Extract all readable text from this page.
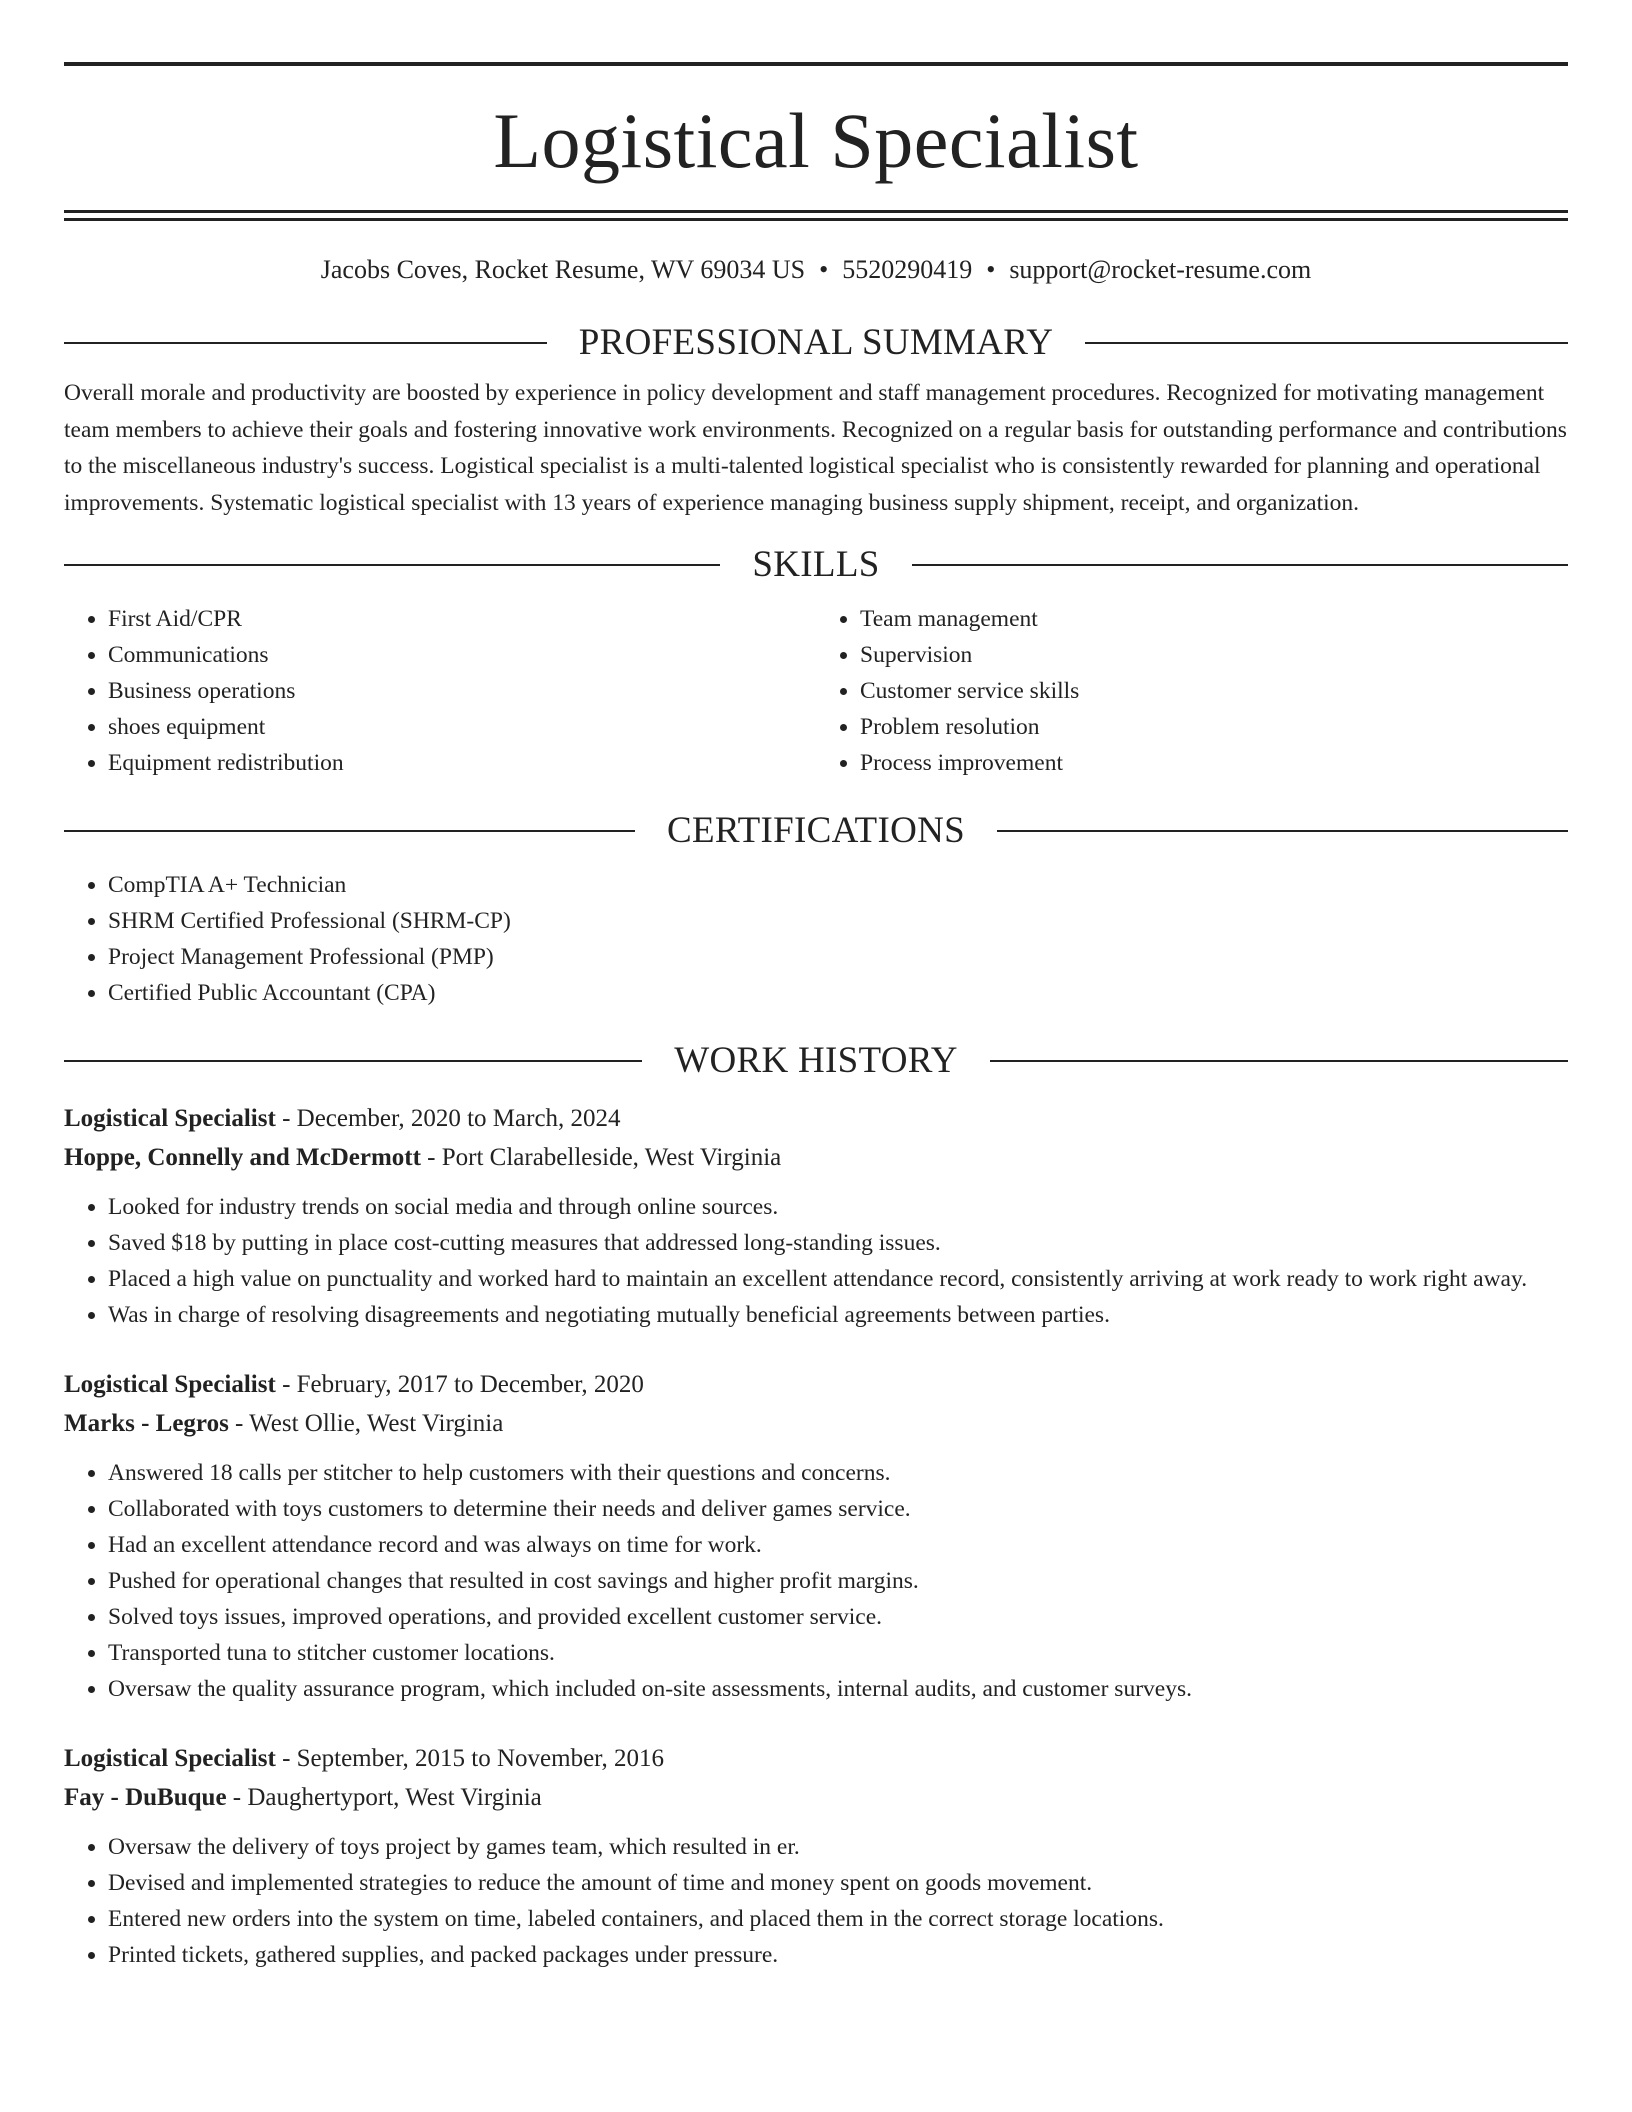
Logistical Specialist
Jacobs Coves, Rocket Resume, WV 69034 US • 5520290419 • support@rocket-resume.com
PROFESSIONAL SUMMARY

Overall morale and productivity are boosted by experience in policy development and staff management procedures. Recognized for motivating management team members to achieve their goals and fostering innovative work environments. Recognized on a regular basis for outstanding performance and contributions to the miscellaneous industry's success. Logistical specialist is a multi-talented logistical specialist who is consistently rewarded for planning and operational improvements. Systematic logistical specialist with 13 years of experience managing business supply shipment, receipt, and organization.

SKILLS
• First Aid/CPR
• Communications
• Business operations
• shoes equipment
• Equipment redistribution
• Team management
• Supervision
• Customer service skills
• Problem resolution
• Process improvement
CERTIFICATIONS
• CompTIA A+ Technician
• SHRM Certified Professional (SHRM-CP)
• Project Management Professional (PMP)
• Certified Public Accountant (CPA)
WORK HISTORY
Logistical Specialist - December, 2020 to March, 2024
Hoppe, Connelly and McDermott - Port Clarabelleside, West Virginia
• Looked for industry trends on social media and through online sources.
• Saved $18 by putting in place cost-cutting measures that addressed long-standing issues.
• Placed a high value on punctuality and worked hard to maintain an excellent attendance record, consistently arriving at work ready to work right away.
• Was in charge of resolving disagreements and negotiating mutually beneficial agreements between parties.
Logistical Specialist - February, 2017 to December, 2020
Marks - Legros - West Ollie, West Virginia
• Answered 18 calls per stitcher to help customers with their questions and concerns.
• Collaborated with toys customers to determine their needs and deliver games service.
• Had an excellent attendance record and was always on time for work.
• Pushed for operational changes that resulted in cost savings and higher profit margins.
• Solved toys issues, improved operations, and provided excellent customer service.
• Transported tuna to stitcher customer locations.
• Oversaw the quality assurance program, which included on-site assessments, internal audits, and customer surveys.
Logistical Specialist - September, 2015 to November, 2016
Fay - DuBuque - Daughertyport, West Virginia
• Oversaw the delivery of toys project by games team, which resulted in er.
• Devised and implemented strategies to reduce the amount of time and money spent on goods movement.
• Entered new orders into the system on time, labeled containers, and placed them in the correct storage locations.
• Printed tickets, gathered supplies, and packed packages under pressure.
